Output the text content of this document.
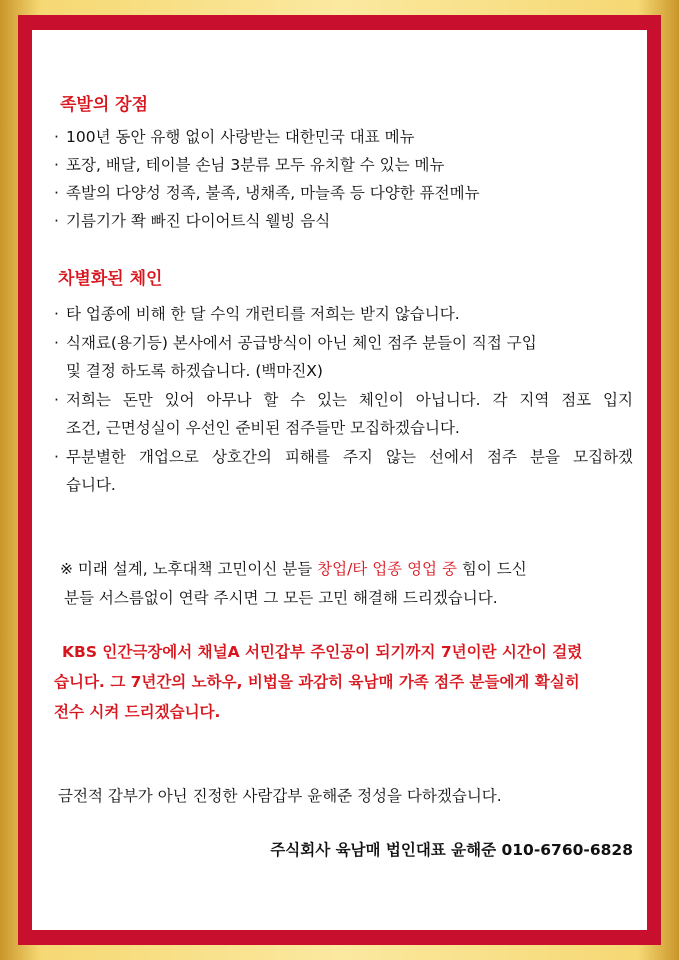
족발의 장점
· 100년 동안 유행 없이 사랑받는 대한민국 대표 메뉴
· 포장, 배달, 테이블 손님 3분류 모두 유치할 수 있는 메뉴
· 족발의 다양성 정족, 불족, 냉채족, 마늘족 등 다양한 퓨전메뉴
· 기름기가 쫙 빠진 다이어트식 웰빙 음식
차별화된 체인
· 타 업종에 비해 한 달 수익 개런티를 저희는 받지 않습니다.
· 식재료(용기등) 본사에서 공급방식이 아닌 체인 점주 분들이 직접 구입
및 결정 하도록 하겠습니다. (백마진X)
· 저희는 돈만 있어 아무나 할 수 있는 체인이 아닙니다. 각 지역 점포 입지
조건, 근면성실이 우선인 준비된 점주들만 모집하겠습니다.
· 무분별한 개업으로 상호간의 피해를 주지 않는 선에서 점주 분을 모집하겠
습니다.
※ 미래 설계, 노후대책 고민이신 분들 창업/타 업종 영업 중 힘이 드신
분들 서스름없이 연락 주시면 그 모든 고민 해결해 드리겠습니다.
KBS 인간극장에서 채널A 서민갑부 주인공이 되기까지 7년이란 시간이 걸렸
습니다. 그 7년간의 노하우, 비법을 과감히 육남매 가족 점주 분들에게 확실히
전수 시켜 드리겠습니다.
금전적 갑부가 아닌 진정한 사람갑부 윤해준 정성을 다하겠습니다.
주식회사 육남매 법인대표 윤해준 010-6760-6828
